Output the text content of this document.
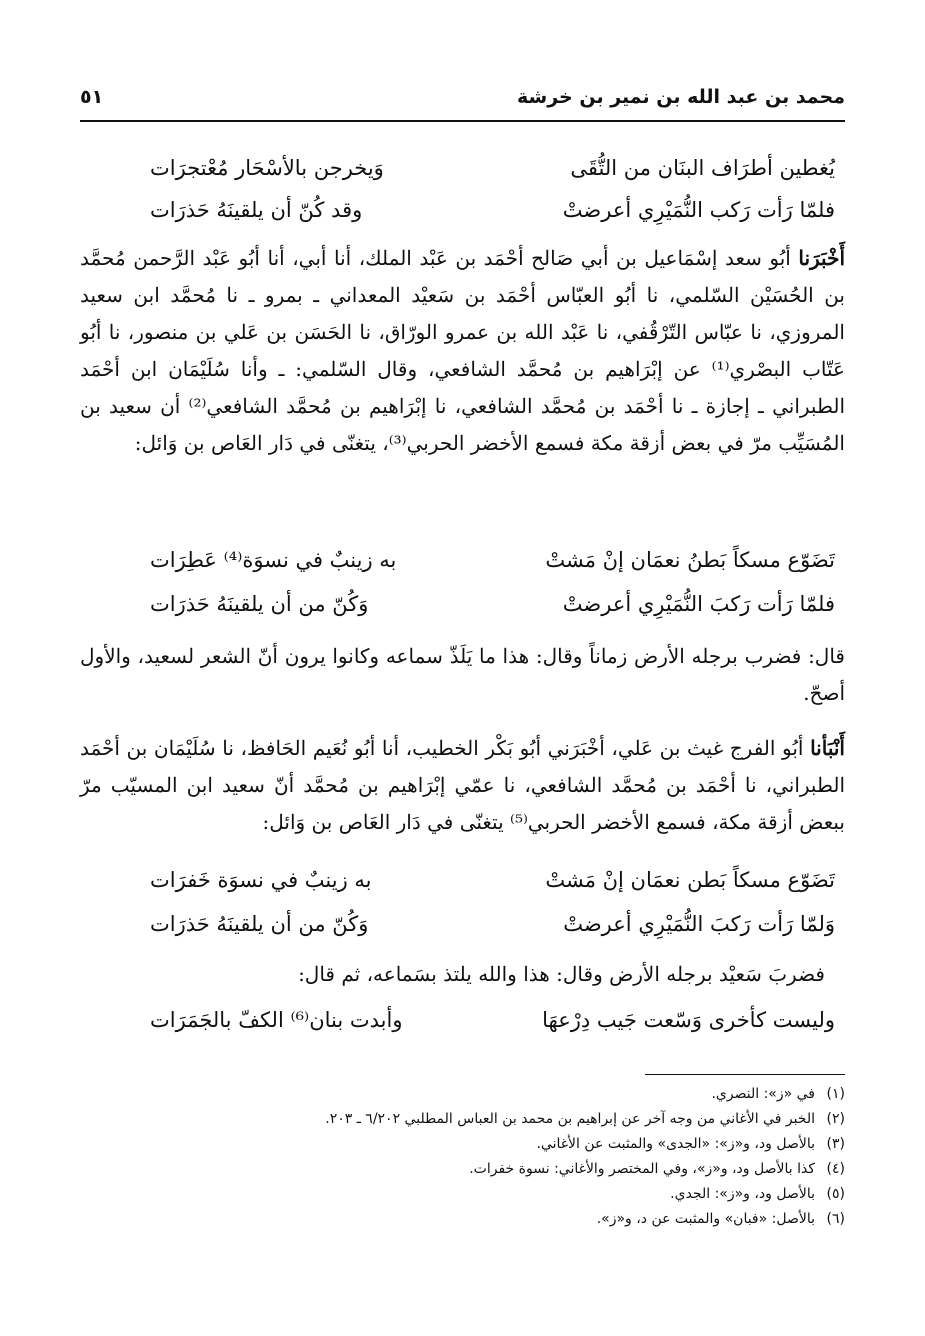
محمد بن عبد الله بن نمير بن خرشة
٥١
يُغطين أطرَاف البنَان من التُّقَى
وَيخرجن بالأسْحَار مُعْتجرَات
فلمّا رَأت رَكب النُّمَيْرِي أعرضتْ
وقد كُنّ أن يلقينَهُ حَذرَات
أَخْبَرَنا أبُو سعد إسْمَاعيل بن أبي صَالح أحْمَد بن عَبْد الملك، أنا أبي، أنا أبُو عَبْد الرَّحمن مُحمَّد بن الحُسَيْن السّلمي، نا أبُو العبّاس أحْمَد بن سَعيْد المعداني ـ بمرو ـ نا مُحمَّد ابن سعيد المروزي، نا عبّاس التّرْقُفي، نا عَبْد الله بن عمرو الورّاق، نا الحَسَن بن عَلي بن منصور، نا أبُو عَتّاب البصْري⁽¹⁾ عن إبْرَاهيم بن مُحمَّد الشافعي، وقال السّلمي: ـ وأنا سُلَيْمَان ابن أحْمَد الطبراني ـ إجازة ـ نا أحْمَد بن مُحمَّد الشافعي، نا إبْرَاهيم بن مُحمَّد الشافعي⁽²⁾ أن سعيد بن المُسَيِّب مرّ في بعض أزقة مكة فسمع الأخضر الحربي⁽³⁾، يتغنّى في دَار العَاص بن وَائل:
تَضَوّع مسكاً بَطنُ نعمَان إنْ مَشتْ
به زينبٌ في نسوَة⁽⁴⁾ عَطِرَات
فلمّا رَأت رَكبَ النُّمَيْرِي أعرضتْ
وَكُنّ من أن يلقينَهُ حَذرَات
قال: فضرب برجله الأرض زماناً وقال: هذا ما يَلَذّ سماعه وكانوا يرون أنّ الشعر لسعيد، والأول أصحّ.
أَنْبَأنا أبُو الفرج غيث بن عَلي، أخْبَرَني أبُو بَكْر الخطيب، أنا أبُو نُعَيم الحَافظ، نا سُلَيْمَان بن أحْمَد الطبراني، نا أحْمَد بن مُحمَّد الشافعي، نا عمّي إبْرَاهيم بن مُحمَّد أنّ سعيد ابن المسيّب مرّ ببعض أزقة مكة، فسمع الأخضر الحربي⁽⁵⁾ يتغنّى في دَار العَاص بن وَائل:
تَضَوّع مسكاً بَطن نعمَان إنْ مَشتْ
به زينبٌ في نسوَة خَفرَات
وَلمّا رَأت رَكبَ النُّمَيْرِي أعرضتْ
وَكُنّ من أن يلقينَهُ حَذرَات
فضربَ سَعيْد برجله الأرض وقال: هذا والله يلتذ بسَماعه، ثم قال:
وليست كأخرى وَسّعت جَيب دِرْعهَا
وأبدت بنان⁽⁶⁾ الكفّ بالجَمَرَات
(١)في «ز»: النصري.
(٢)الخبر في الأغاني من وجه آخر عن إبراهيم بن محمد بن العباس المطلبي ٦/٢٠٢ ـ ٢٠٣.
(٣)بالأصل ود، و«ز»: «الجدى» والمثبت عن الأغاني.
(٤)كذا بالأصل ود، و«ز»، وفي المختصر والأغاني: نسوة خفرات.
(٥)بالأصل ود، و«ز»: الجدي.
(٦)بالأصل: «فبان» والمثبت عن د، و«ز».
